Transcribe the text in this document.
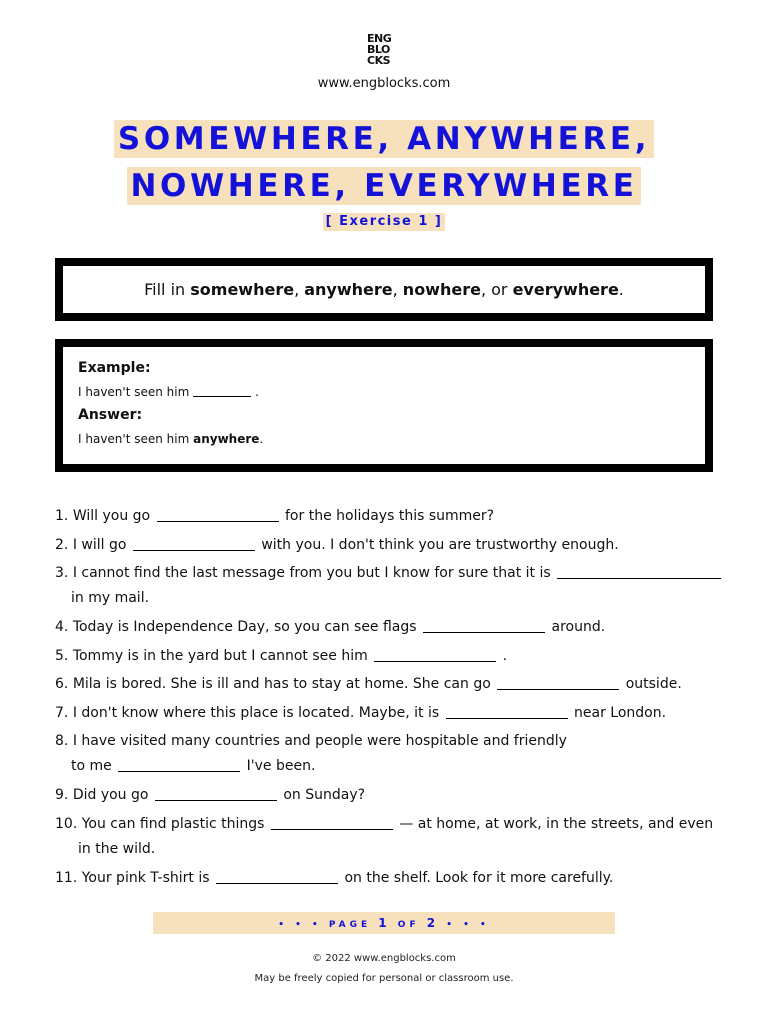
ENG
BLO
CKS
www.engblocks.com
SOMEWHERE, ANYWHERE,
NOWHERE, EVERYWHERE
[ Exercise 1 ]
Fill in somewhere, anywhere, nowhere, or everywhere.

Example:

I haven't seen him	.

Answer:

I haven't seen him anywhere.

1. Will you go	for the holidays this summer?
2. I will go	with you. I don't think you are trustworthy enough.
3. I cannot find the last message from you but I know for sure that it is
in my mail.
4. Today is Independence Day, so you can see flags	around.
5. Tommy is in the yard but I cannot see him	.
6. Mila is bored. She is ill and has to stay at home. She can go	outside.
7. I don't know where this place is located. Maybe, it is	near London.
8. I have visited many countries and people were hospitable and friendly
to me	I've been.
9. Did you go	on Sunday?
10. You can find plastic things	— at home, at work, in the streets, and even
in the wild.
11. Your pink T-shirt is	on the shelf. Look for it more carefully.
• • • PAGE 1 OF 2 • • •
© 2022 www.engblocks.com
May be freely copied for personal or classroom use.
